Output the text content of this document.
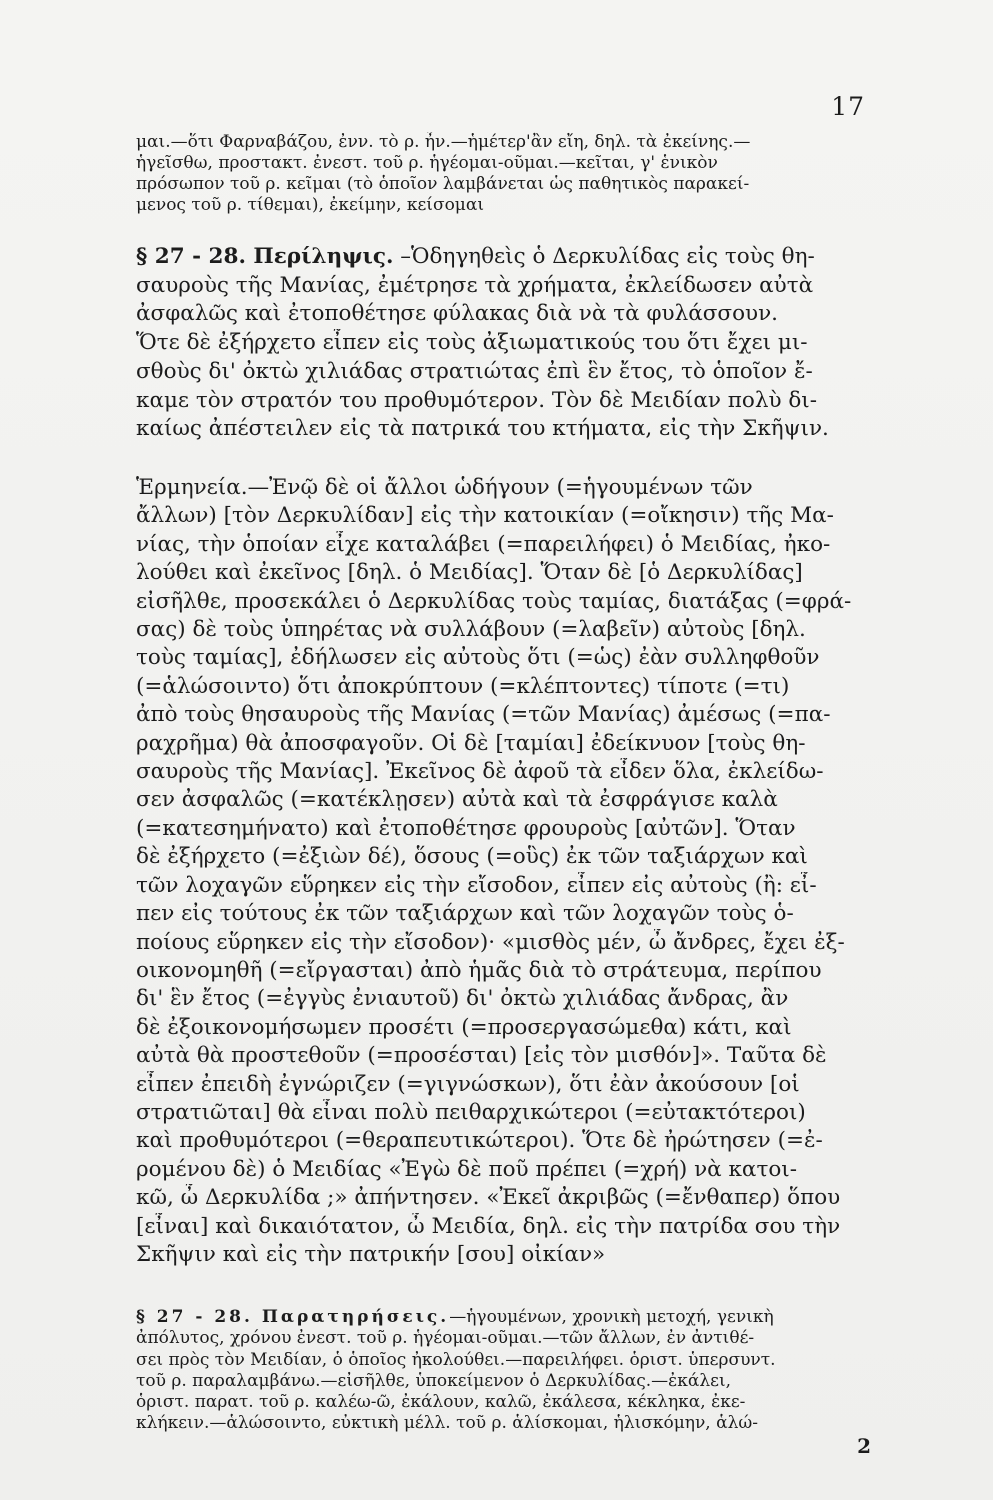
17

μαι.—ὅτι Φαρναβάζου, ἐνν. τὸ ρ. ἦν.—ἡμέτερ'ἂν εἴη, δηλ. τὰ ἐκείνης.—
ἡγεῖσθω, προστακτ. ἐνεστ. τοῦ ρ. ἡγέομαι-οῦμαι.—κεῖται, γ' ἑνικὸν
πρόσωπον τοῦ ρ. κεῖμαι (τὸ ὁποῖον λαμβάνεται ὡς παθητικὸς παρακεί-
μενος τοῦ ρ. τίθεμαι), ἐκείμην, κείσομαι

§ 27 - 28. Περίληψις. –Ὁδηγηθεὶς ὁ Δερκυλίδας εἰς τοὺς θη-
σαυροὺς τῆς Μανίας, ἐμέτρησε τὰ χρήματα, ἐκλείδωσεν αὐτὰ
ἀσφαλῶς καὶ ἐτοποθέτησε φύλακας διὰ νὰ τὰ φυλάσσουν.
Ὅτε δὲ ἐξήρχετο εἶπεν εἰς τοὺς ἀξιωματικούς του ὅτι ἔχει μι-
σθοὺς δι' ὀκτὼ χιλιάδας στρατιώτας ἐπὶ ἓν ἔτος, τὸ ὁποῖον ἔ-
καμε τὸν στρατόν του προθυμότερον. Τὸν δὲ Μειδίαν πολὺ δι-
καίως ἀπέστειλεν εἰς τὰ πατρικά του κτήματα, εἰς τὴν Σκῆψιν.

Ἑρμηνεία.—Ἐνῷ δὲ οἱ ἄλλοι ὡδήγουν (=ἡγουμένων τῶν
ἄλλων) [τὸν Δερκυλίδαν] εἰς τὴν κατοικίαν (=οἴκησιν) τῆς Μα-
νίας, τὴν ὁποίαν εἶχε καταλάβει (=παρειλήφει) ὁ Μειδίας, ἠκο-
λούθει καὶ ἐκεῖνος [δηλ. ὁ Μειδίας]. Ὅταν δὲ [ὁ Δερκυλίδας]
εἰσῆλθε, προσεκάλει ὁ Δερκυλίδας τοὺς ταμίας, διατάξας (=φρά-
σας) δὲ τοὺς ὑπηρέτας νὰ συλλάβουν (=λαβεῖν) αὐτοὺς [δηλ.
τοὺς ταμίας], ἐδήλωσεν εἰς αὐτοὺς ὅτι (=ὡς) ἐὰν συλληφθοῦν
(=ἁλώσοιντο) ὅτι ἀποκρύπτουν (=κλέπτοντες) τίποτε (=τι)
ἀπὸ τοὺς θησαυροὺς τῆς Μανίας (=τῶν Μανίας) ἀμέσως (=πα-
ραχρῆμα) θὰ ἀποσφαγοῦν. Οἱ δὲ [ταμίαι] ἐδείκνυον [τοὺς θη-
σαυροὺς τῆς Μανίας]. Ἐκεῖνος δὲ ἀφοῦ τὰ εἶδεν ὅλα, ἐκλείδω-
σεν ἀσφαλῶς (=κατέκλῃσεν) αὐτὰ καὶ τὰ ἐσφράγισε καλὰ
(=κατεσημήνατο) καὶ ἐτοποθέτησε φρουροὺς [αὐτῶν]. Ὅταν
δὲ ἐξήρχετο (=ἐξιὼν δέ), ὅσους (=οὓς) ἐκ τῶν ταξιάρχων καὶ
τῶν λοχαγῶν εὕρηκεν εἰς τὴν εἴσοδον, εἶπεν εἰς αὐτοὺς (ἢ: εἶ-
πεν εἰς τούτους ἐκ τῶν ταξιάρχων καὶ τῶν λοχαγῶν τοὺς ὁ-
ποίους εὕρηκεν εἰς τὴν εἴσοδον)· «μισθὸς μέν, ὦ ἄνδρες, ἔχει ἐξ-
οικονομηθῆ (=εἴργασται) ἀπὸ ἡμᾶς διὰ τὸ στράτευμα, περίπου
δι' ἓν ἔτος (=ἐγγὺς ἐνιαυτοῦ) δι' ὀκτὼ χιλιάδας ἄνδρας, ἂν
δὲ ἐξοικονομήσωμεν προσέτι (=προσεργασώμεθα) κάτι, καὶ
αὐτὰ θὰ προστεθοῦν (=προσέσται) [εἰς τὸν μισθόν]». Ταῦτα δὲ
εἶπεν ἐπειδὴ ἐγνώριζεν (=γιγνώσκων), ὅτι ἐὰν ἀκούσουν [οἱ
στρατιῶται] θὰ εἶναι πολὺ πειθαρχικώτεροι (=εὐτακτότεροι)
καὶ προθυμότεροι (=θεραπευτικώτεροι). Ὅτε δὲ ἠρώτησεν (=ἐ-
ρομένου δὲ) ὁ Μειδίας «Ἐγὼ δὲ ποῦ πρέπει (=χρή) νὰ κατοι-
κῶ, ὦ Δερκυλίδα ;» ἀπήντησεν. «Ἐκεῖ ἀκριβῶς (=ἔνθαπερ) ὅπου
[εἶναι] καὶ δικαιότατον, ὦ Μειδία, δηλ. εἰς τὴν πατρίδα σου τὴν
Σκῆψιν καὶ εἰς τὴν πατρικήν [σου] οἰκίαν»

§ 27 - 28. Παρατηρήσεις.—ἡγουμένων, χρονικὴ μετοχή, γενικὴ
ἀπόλυτος, χρόνου ἐνεστ. τοῦ ρ. ἡγέομαι-οῦμαι.—τῶν ἄλλων, ἐν ἀντιθέ-
σει πρὸς τὸν Μειδίαν, ὁ ὁποῖος ἠκολούθει.—παρειλήφει. ὁριστ. ὑπερσυντ.
τοῦ ρ. παραλαμβάνω.—εἰσῆλθε, ὑποκείμενον ὁ Δερκυλίδας.—ἐκάλει,
ὁριστ. παρατ. τοῦ ρ. καλέω-ῶ, ἐκάλουν, καλῶ, ἐκάλεσα, κέκληκα, ἐκε-
κλήκειν.—ἁλώσοιντο, εὐκτικὴ μέλλ. τοῦ ρ. ἁλίσκομαι, ἡλισκόμην, ἁλώ-

2
